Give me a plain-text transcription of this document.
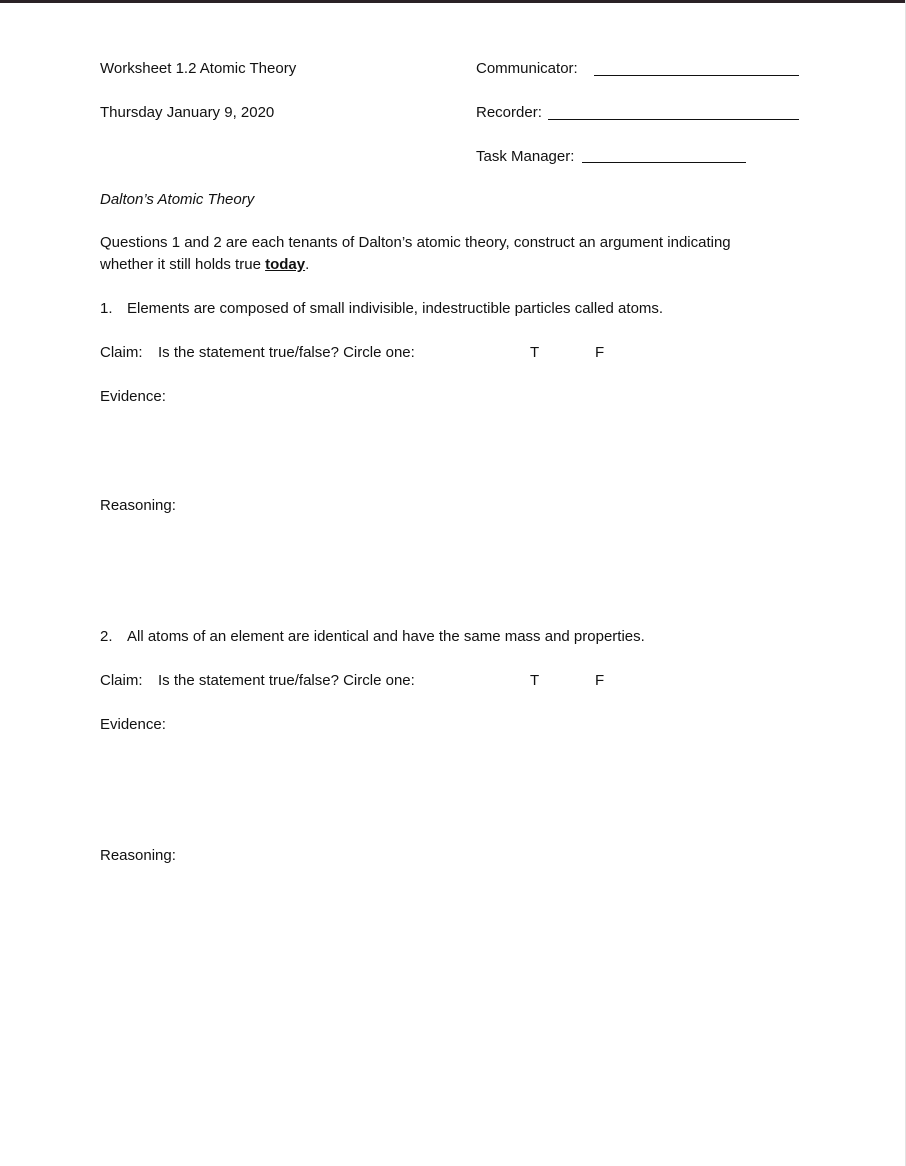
Worksheet 1.2 Atomic Theory
Thursday January 9, 2020
Communicator:
Recorder:
Task Manager:
Dalton’s Atomic Theory
Questions 1 and 2 are each tenants of Dalton’s atomic theory, construct an argument indicating
whether it still holds true today.
1. Elements are composed of small indivisible, indestructible particles called atoms.
Claim: Is the statement true/false? Circle one:	T	F
Evidence:
Reasoning:
2. All atoms of an element are identical and have the same mass and properties.
Claim: Is the statement true/false? Circle one:	T	F
Evidence:
Reasoning:
